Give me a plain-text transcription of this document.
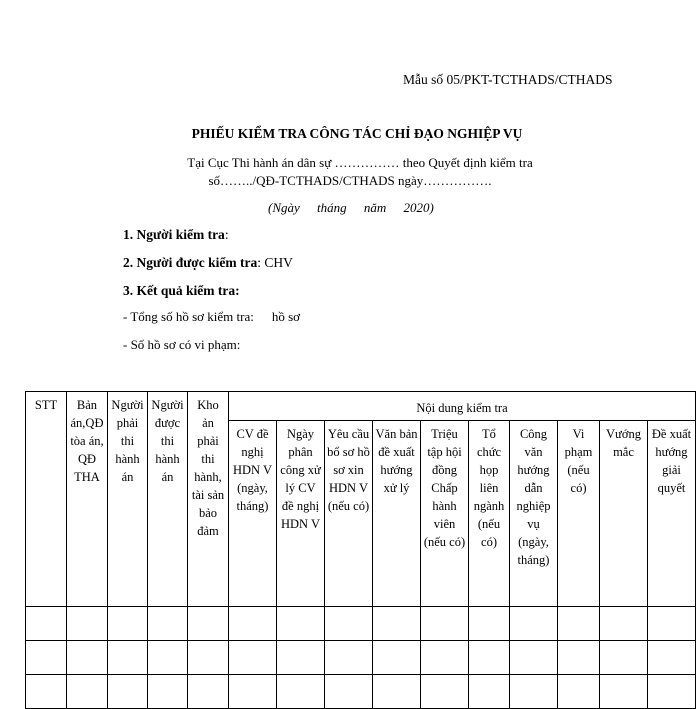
Mẫu số 05/PKT-TCTHADS/CTHADS
PHIẾU KIỂM TRA CÔNG TÁC CHỈ ĐẠO NGHIỆP VỤ
Tại Cục Thi hành án dân sự …………… theo Quyết định kiểm tra
số……../QĐ-TCTHADS/CTHADS ngày…………….
(Ngày tháng năm 2020)
1. Người kiểm tra:
2. Người được kiểm tra: CHV
3. Kết quả kiểm tra:
- Tổng số hồ sơ kiểm tra: hồ sơ
- Số hồ sơ có vi phạm:
STT	Bản án,QĐ tòa án, QĐ THA	Người phải thi hành án	Người được thi hành án	Kho ản phải thi hành, tài sản bảo đảm	Nội dung kiểm tra									
					CV đề nghị HDN V (ngày, tháng)	Ngày phân công xử lý CV đề nghị HDN V	Yêu cầu bổ sơ hồ sơ xin HDN V (nếu có)	Văn bản đề xuất hướng xử lý	Triệu tập hội đồng Chấp hành viên (nếu có)	Tổ chức họp liên ngành (nếu có)	Công văn hướng dẫn nghiệp vụ (ngày, tháng)	Vi phạm (nếu có)	Vướng mắc	Đề xuất hướng giải quyết
